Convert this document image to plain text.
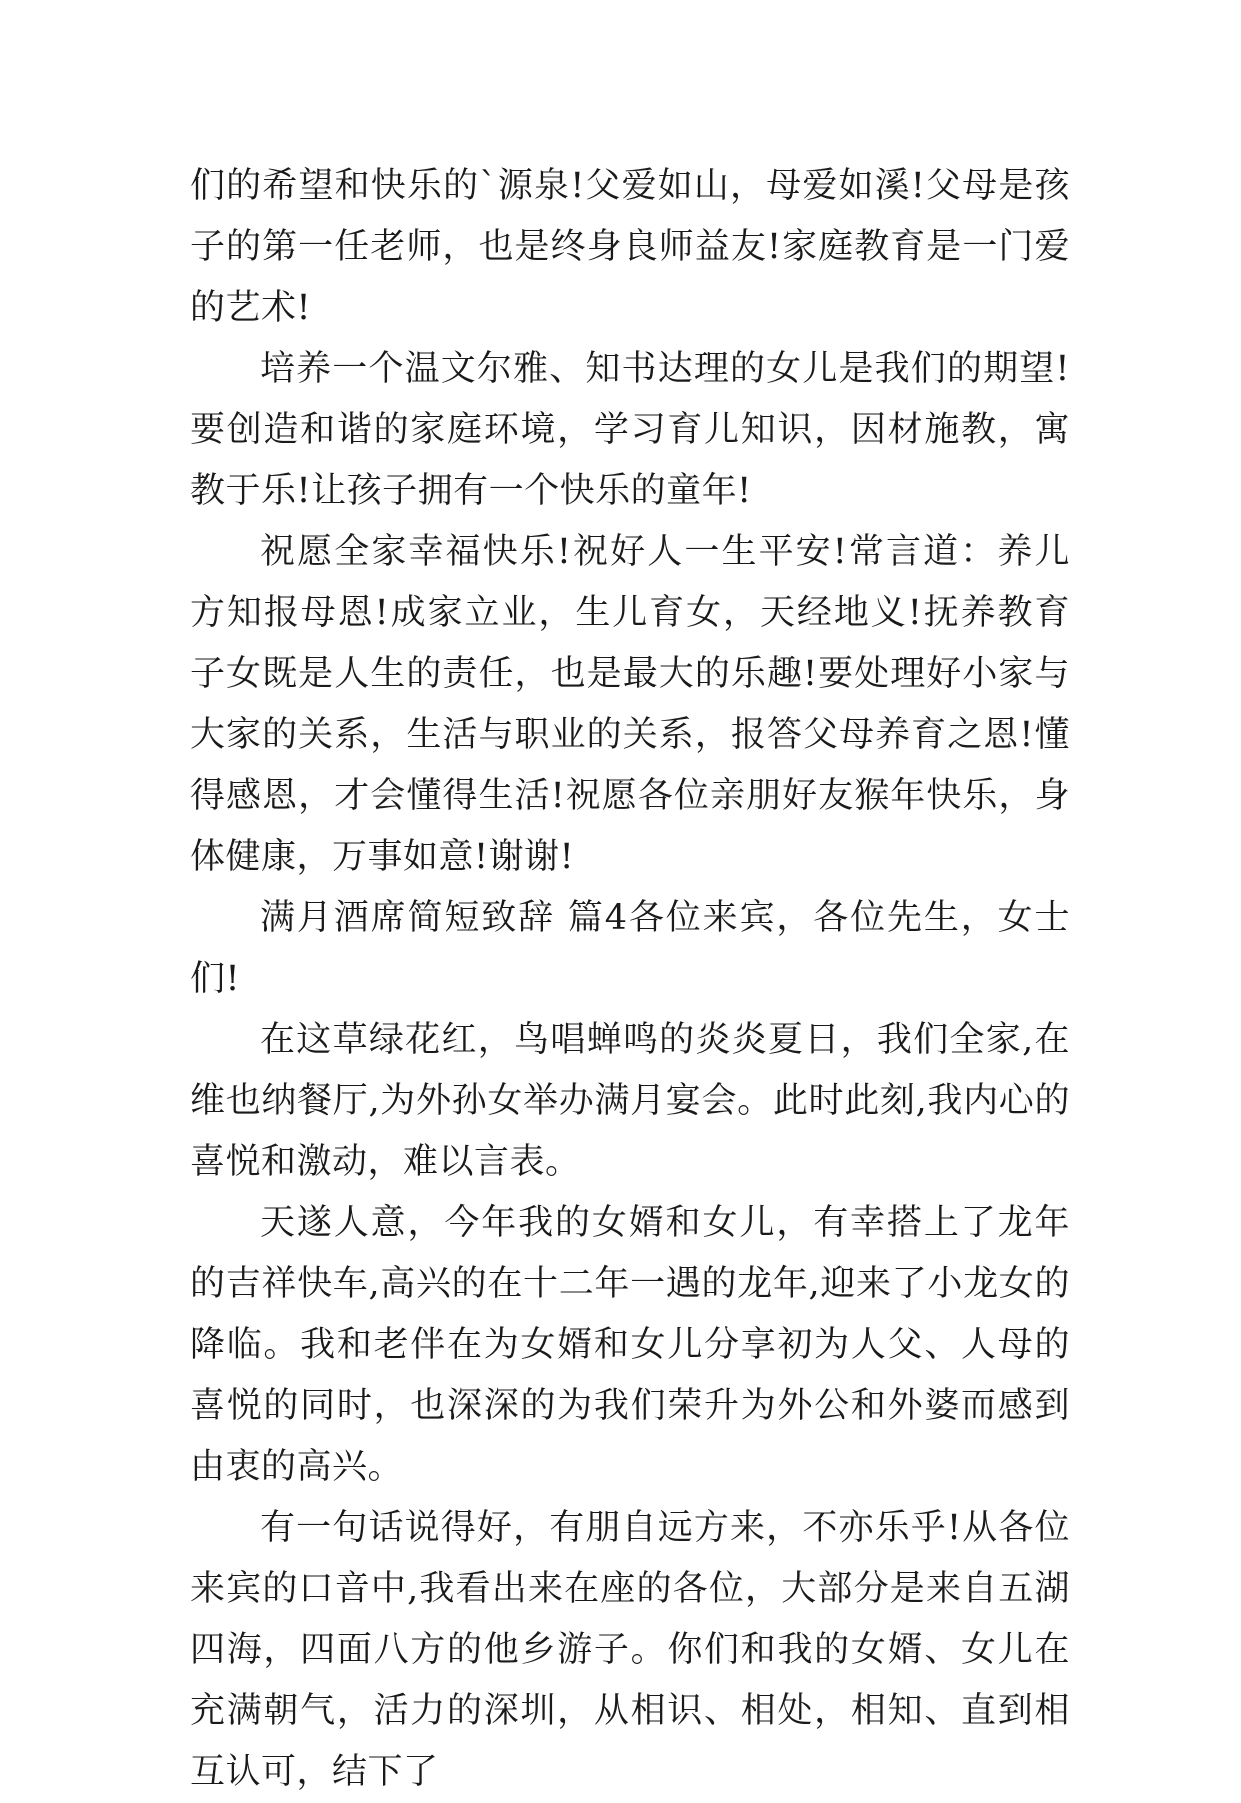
们的希望和快乐的`源泉!父爱如山，母爱如溪!父母是孩子的第一任老师，也是终身良师益友!家庭教育是一门爱的艺术!

培养一个温文尔雅、知书达理的女儿是我们的期望!要创造和谐的家庭环境，学习育儿知识，因材施教，寓教于乐!让孩子拥有一个快乐的童年!

祝愿全家幸福快乐!祝好人一生平安!常言道：养儿方知报母恩!成家立业，生儿育女，天经地义!抚养教育子女既是人生的责任，也是最大的乐趣!要处理好小家与大家的关系，生活与职业的关系，报答父母养育之恩!懂得感恩，才会懂得生活!祝愿各位亲朋好友猴年快乐，身体健康，万事如意!谢谢!

满月酒席简短致辞 篇4各位来宾，各位先生，女士们!

在这草绿花红，鸟唱蝉鸣的炎炎夏日，我们全家,在维也纳餐厅,为外孙女举办满月宴会。此时此刻,我内心的喜悦和激动，难以言表。

天遂人意，今年我的女婿和女儿，有幸搭上了龙年的吉祥快车,高兴的在十二年一遇的龙年,迎来了小龙女的降临。我和老伴在为女婿和女儿分享初为人父、人母的喜悦的同时，也深深的为我们荣升为外公和外婆而感到由衷的高兴。

有一句话说得好，有朋自远方来，不亦乐乎!从各位来宾的口音中,我看出来在座的各位，大部分是来自五湖四海，四面八方的他乡游子。你们和我的女婿、女儿在充满朝气，活力的深圳，从相识、相处，相知、直到相互认可，结下了
